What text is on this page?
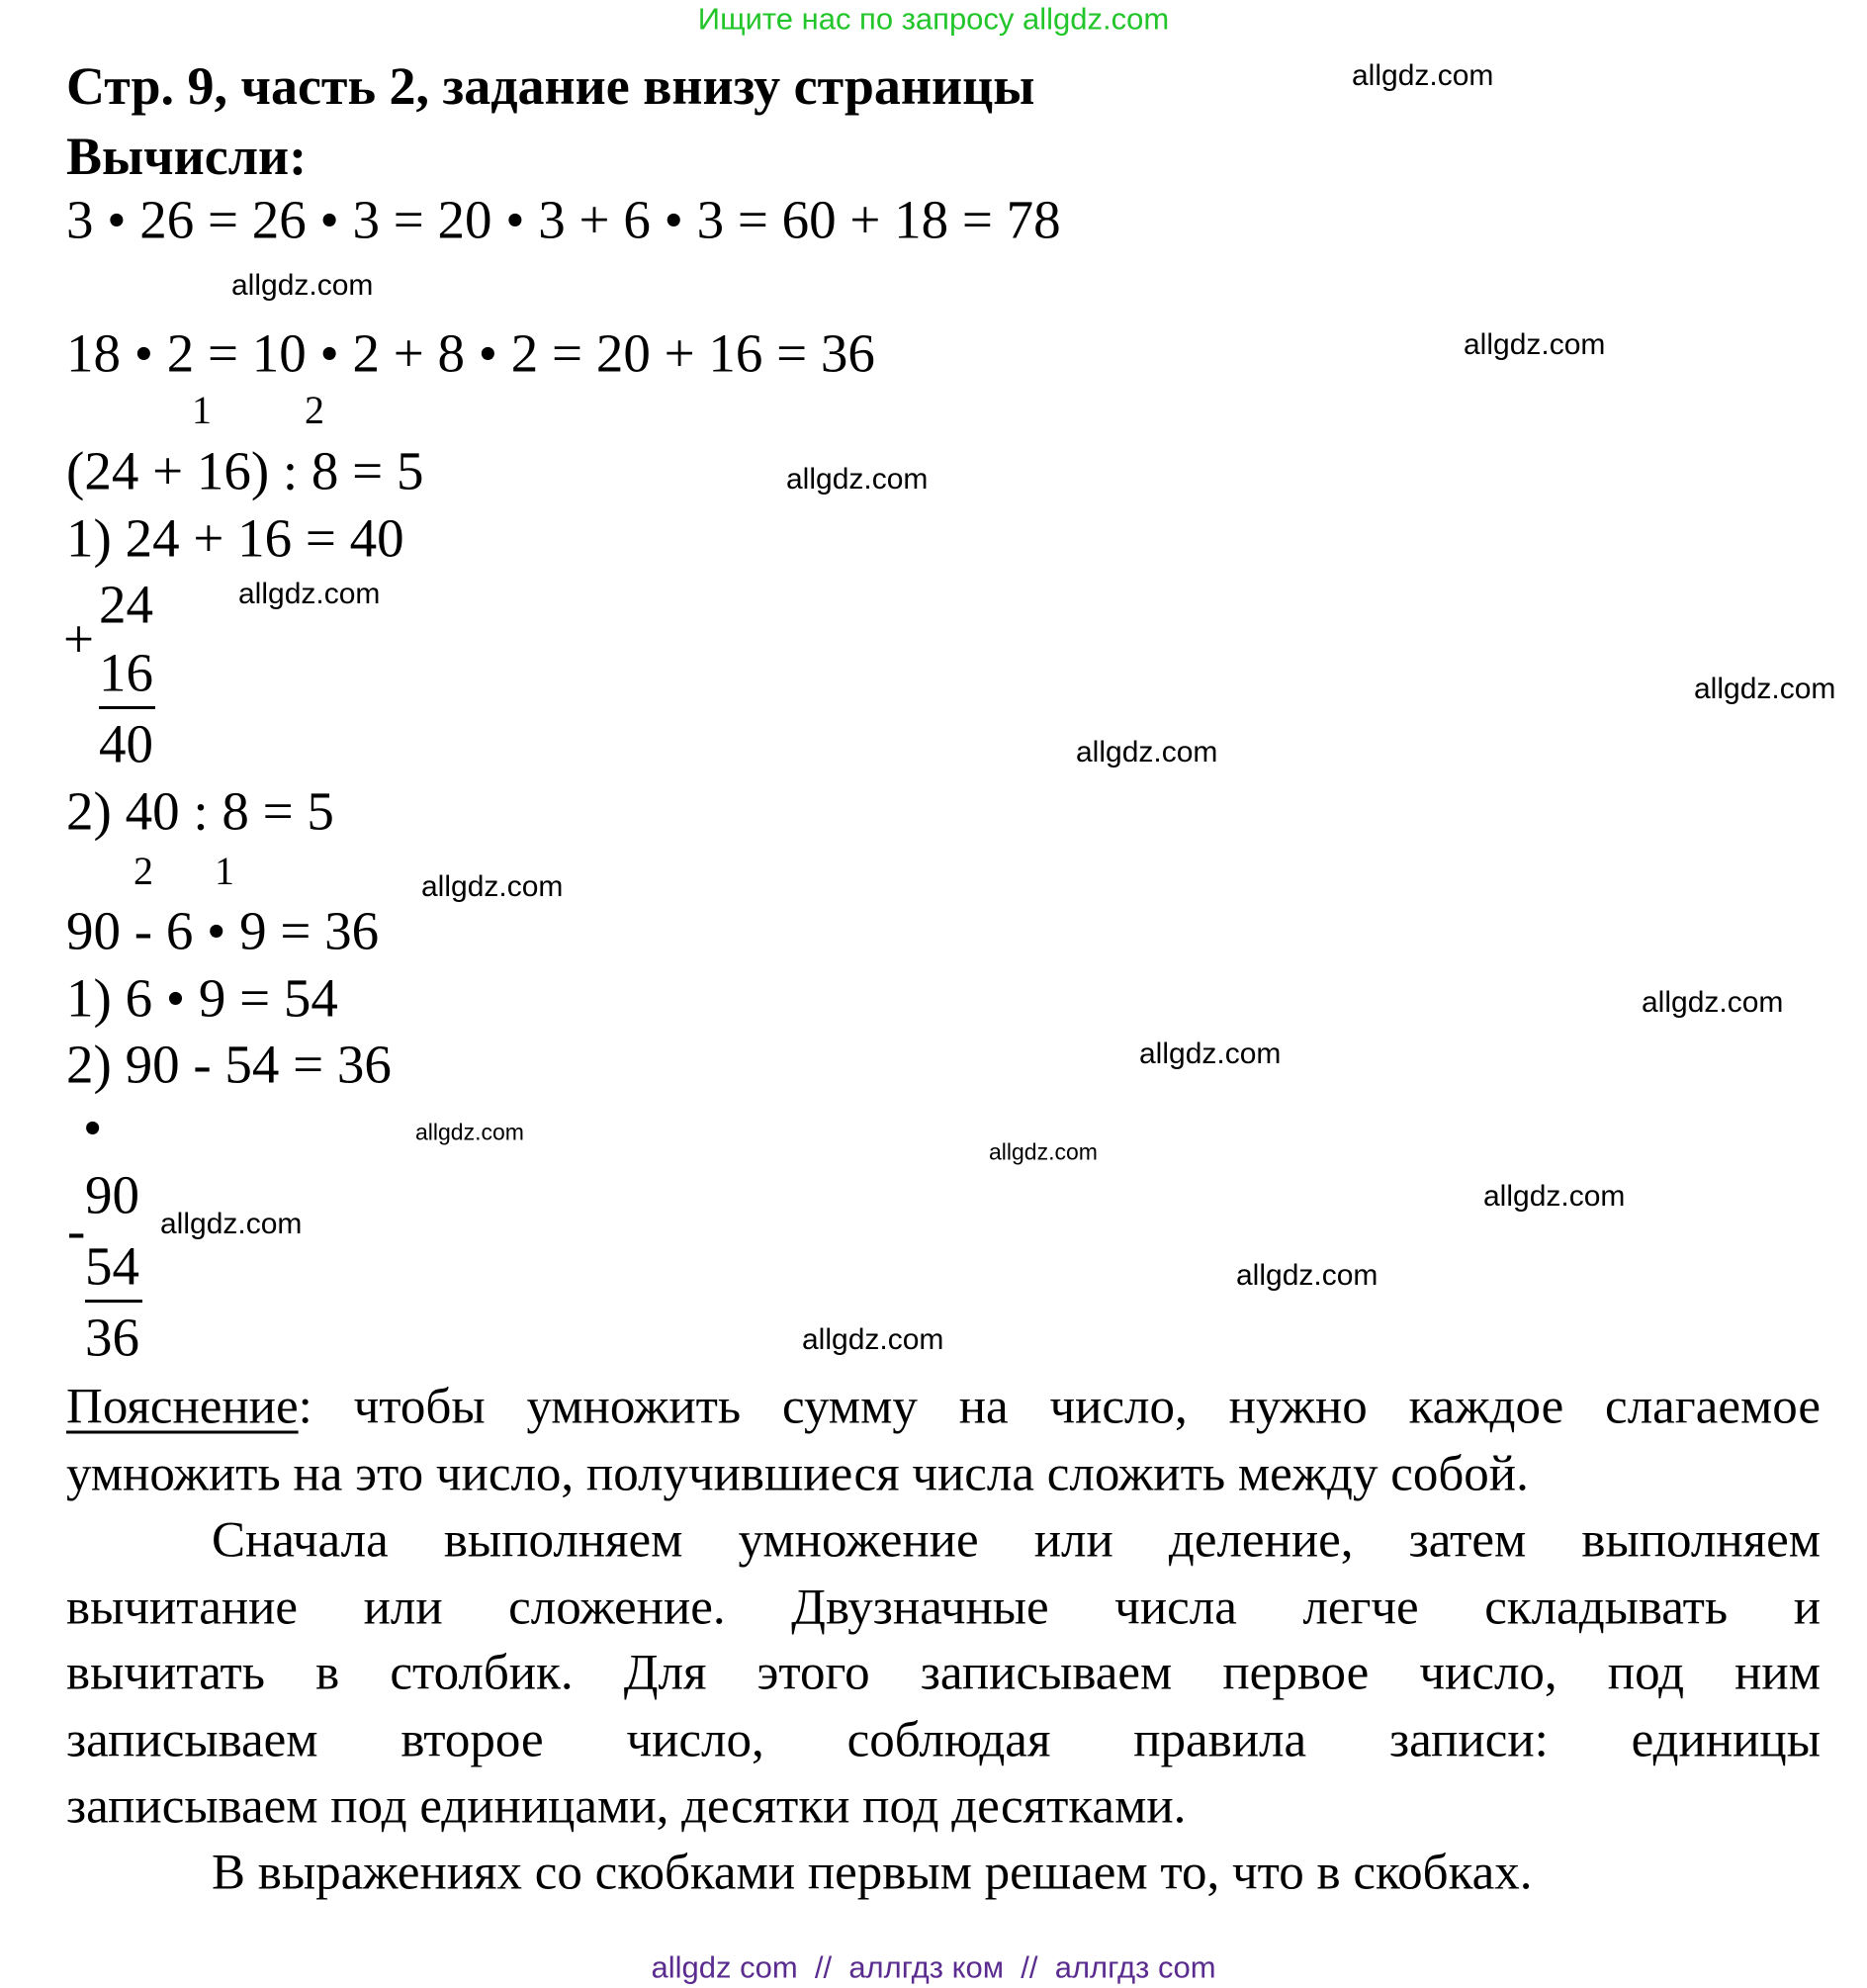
Ищите нас по запросу allgdz.com
Стр. 9, часть 2, задание внизу страницы
Вычисли:
3 • 26 = 26 • 3 = 20 • 3 + 6 • 3 = 60 + 18 = 78
18 • 2 = 10 • 2 + 8 • 2 = 20 + 16 = 36
1 2
(24 + 16) : 8 = 5
1) 24 + 16 = 40
+
24
16
40
2) 40 : 8 = 5
2 1
90 - 6 • 9 = 36
1) 6 • 9 = 54
2) 90 - 54 = 36
•
-
90
54
36
Пояснение: чтобы умножить сумму на число, нужно каждое слагаемое
умножить на это число, получившиеся числа сложить между собой.
Сначала выполняем умножение или деление, затем выполняем
вычитание или сложение. Двузначные числа легче складывать и
вычитать в столбик. Для этого записываем первое число, под ним
записываем второе число, соблюдая правила записи: единицы
записываем под единицами, десятки под десятками.
В выражениях со скобками первым решаем то, что в скобках.
allgdz.com
allgdz.com
allgdz.com
allgdz.com
allgdz.com
allgdz.com
allgdz.com
allgdz.com
allgdz.com
allgdz.com
allgdz.com
allgdz.com
allgdz.com
allgdz.com
allgdz.com
allgdz.com
allgdz com  //  аллгдз ком  //  аллгдз com
